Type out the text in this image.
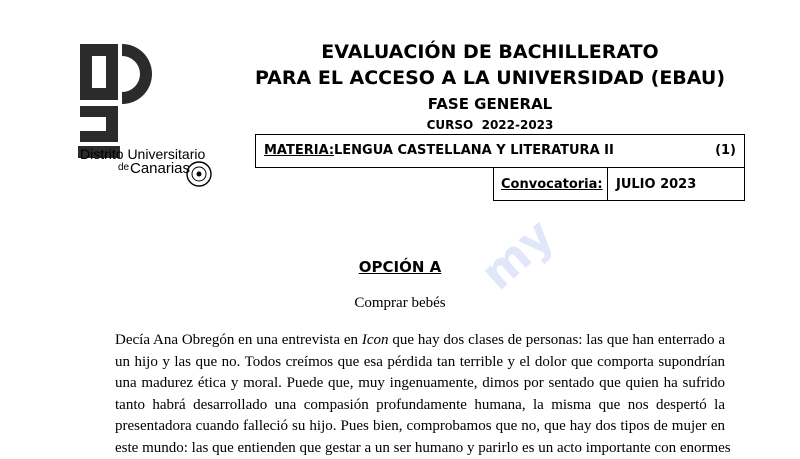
Distrito Universitario
de Canarias
EVALUACIÓN DE BACHILLERATO
PARA EL ACCESO A LA UNIVERSIDAD (EBAU)
FASE GENERAL
CURSO  2022-2023
MATERIA: LENGUA CASTELLANA Y LITERATURA II	(1)
Convocatoria: JULIO 2023
my
OPCIÓN A
Comprar bebés
Decía Ana Obregón en una entrevista en Icon que hay dos clases de personas: las que han enterrado a
un hijo y las que no. Todos creímos que esa pérdida tan terrible y el dolor que comporta supondrían
una madurez ética y moral. Puede que, muy ingenuamente, dimos por sentado que quien ha sufrido
tanto habrá desarrollado una compasión profundamente humana, la misma que nos despertó la
presentadora cuando falleció su hijo. Pues bien, comprobamos que no, que hay dos tipos de mujer en
este mundo: las que entienden que gestar a un ser humano y parirlo es un acto importante con enormes
